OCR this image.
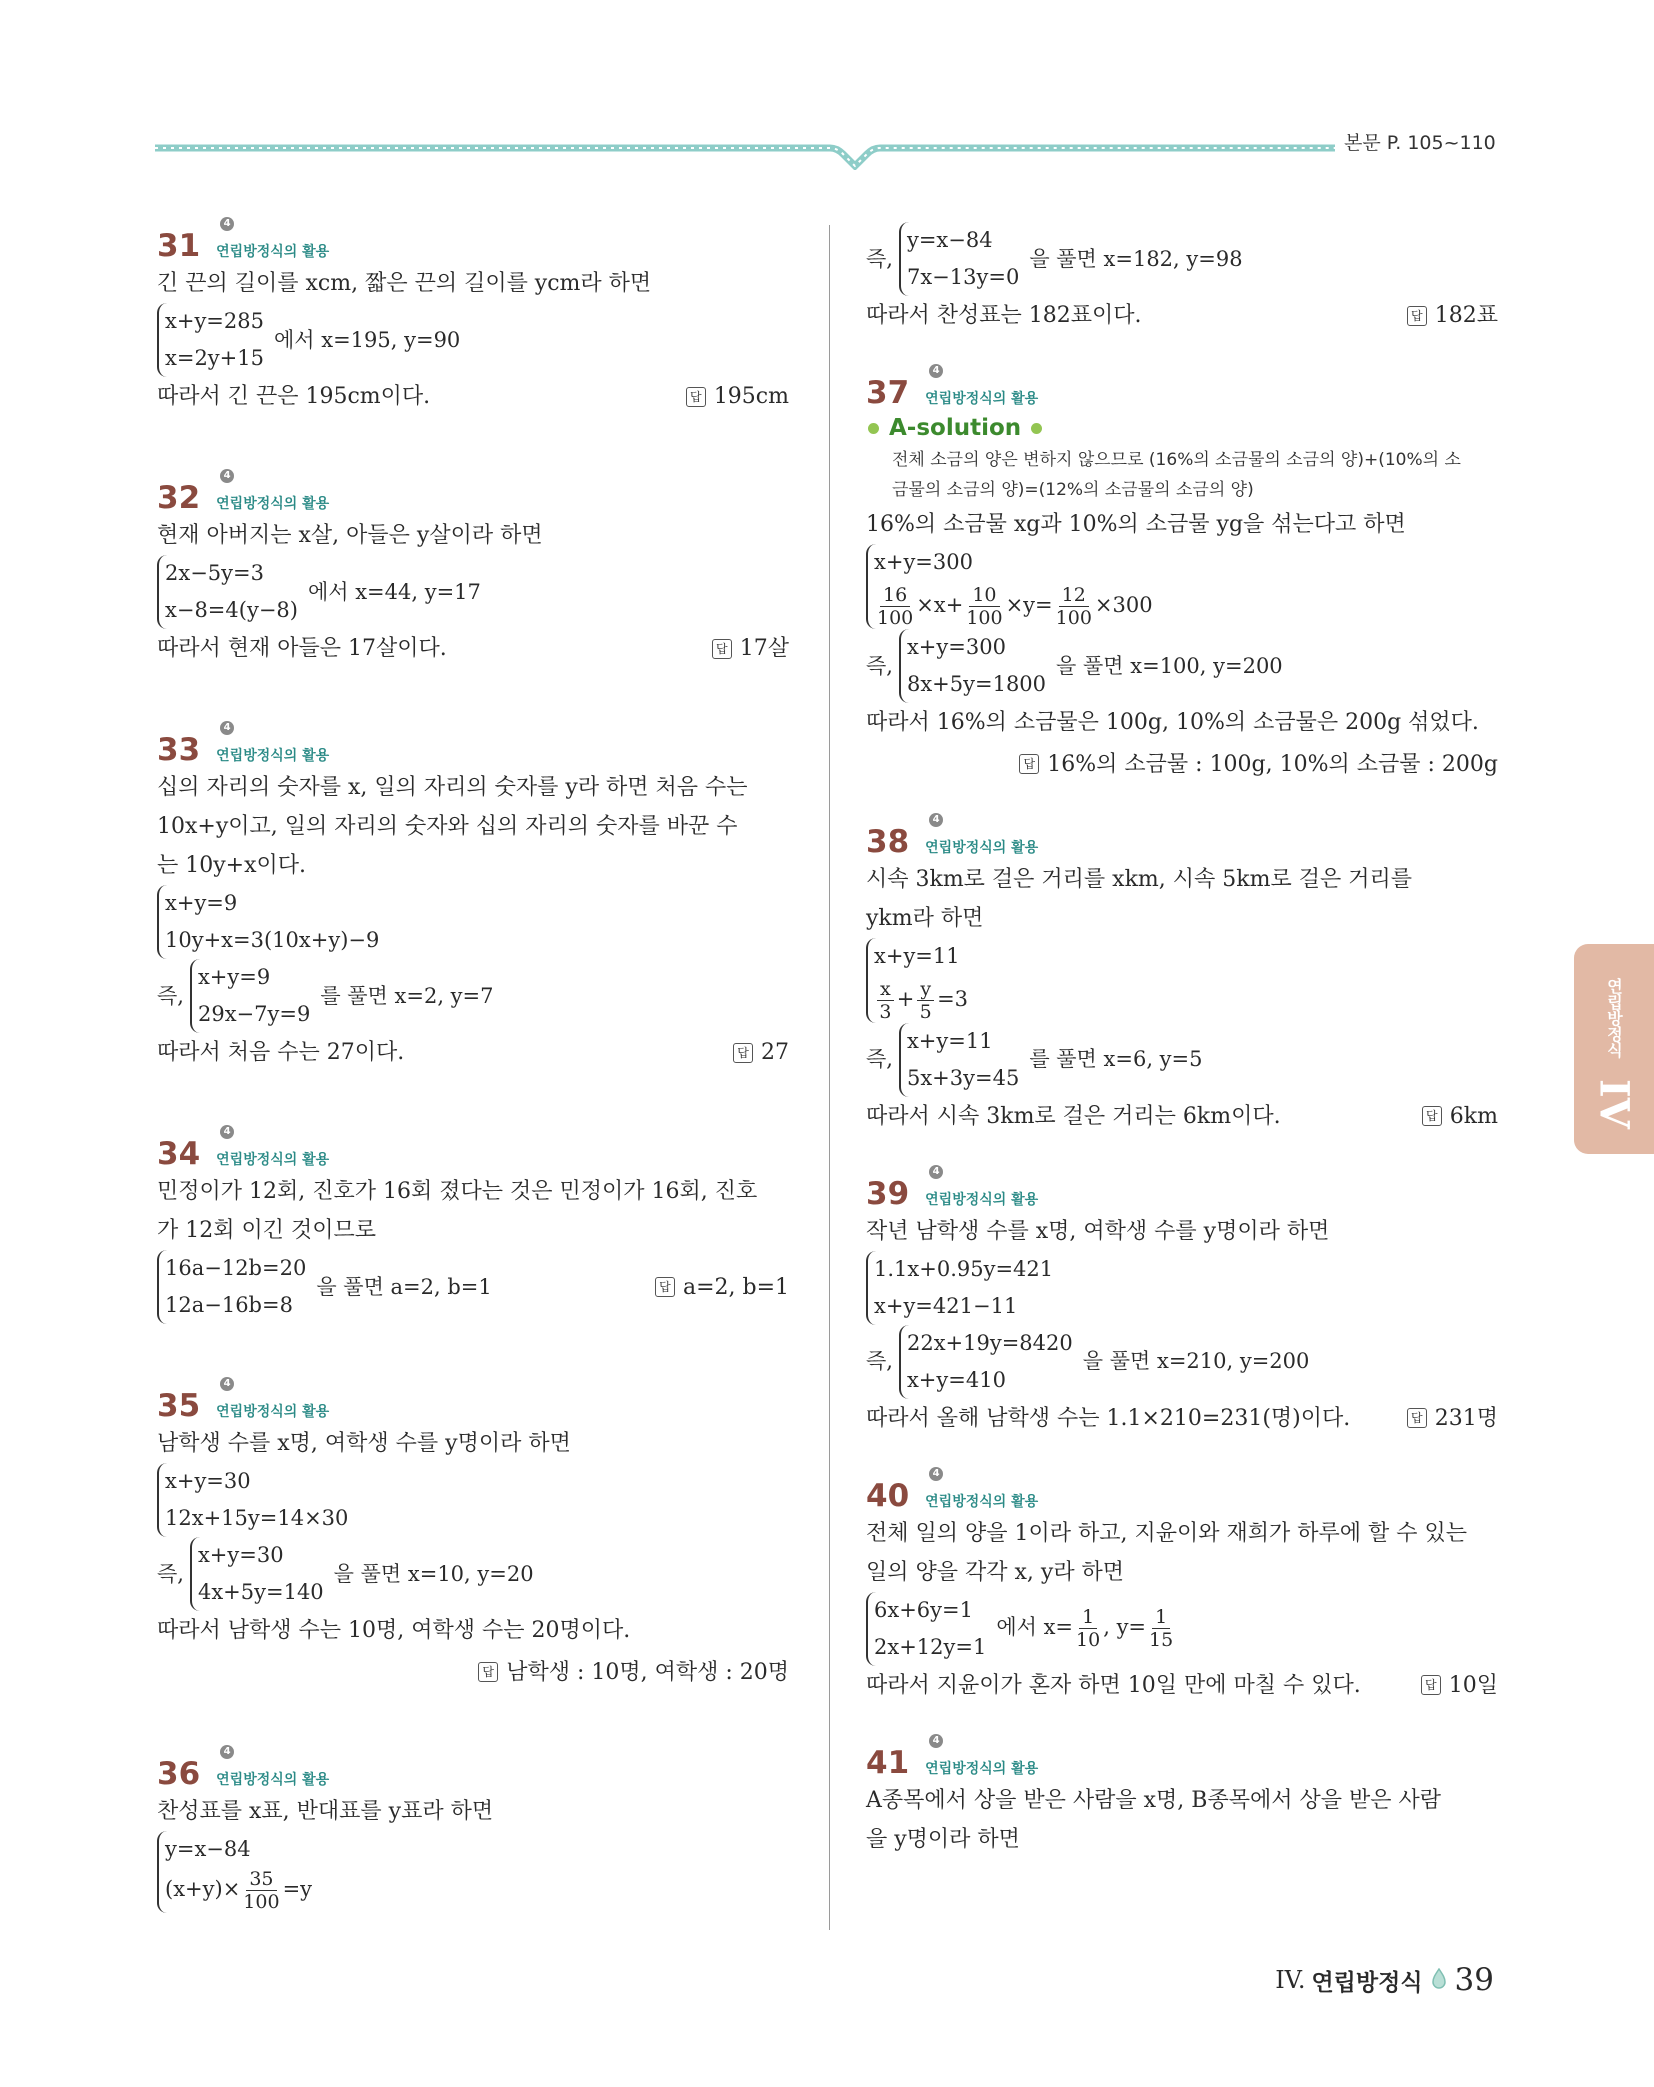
본문 P. 105~110
31
4
연립방정식의 활용
긴 끈의 길이를 xcm, 짧은 끈의 길이를 ycm라 하면
x+y=285
x=2y+15
에서 x=195, y=90
따라서 긴 끈은 195cm이다.	답 195cm
32
4
연립방정식의 활용
현재 아버지는 x살, 아들은 y살이라 하면
2x−5y=3
x−8=4(y−8)
에서 x=44, y=17
따라서 현재 아들은 17살이다.	답 17살
33
4
연립방정식의 활용
십의 자리의 숫자를 x, 일의 자리의 숫자를 y라 하면 처음 수는
10x+y이고, 일의 자리의 숫자와 십의 자리의 숫자를 바꾼 수
는 10y+x이다.
x+y=9
10y+x=3(10x+y)−9
즉,
x+y=9
29x−7y=9
를 풀면 x=2, y=7
따라서 처음 수는 27이다.	답 27
34
4
연립방정식의 활용
민정이가 12회, 진호가 16회 졌다는 것은 민정이가 16회, 진호
가 12회 이긴 것이므로
16a−12b=20
12a−16b=8
을 풀면 a=2, b=1	답 a=2, b=1
35
4
연립방정식의 활용
남학생 수를 x명, 여학생 수를 y명이라 하면
x+y=30
12x+15y=14×30
즉,
x+y=30
4x+5y=140
을 풀면 x=10, y=20
따라서 남학생 수는 10명, 여학생 수는 20명이다.
답 남학생 : 10명, 여학생 : 20명
36
4
연립방정식의 활용
찬성표를 x표, 반대표를 y표라 하면
y=x−84
$(x+y)\times \frac{35}{100} =y$
즉,
y=x−84
7x−13y=0
을 풀면 x=182, y=98
따라서 찬성표는 182표이다.	답 182표
37
4
연립방정식의 활용
A-solution
전체 소금의 양은 변하지 않으므로 (16%의 소금물의 소금의 양)+(10%의 소
금물의 소금의 양)=(12%의 소금물의 소금의 양)
16%의 소금물 xg과 10%의 소금물 yg을 섞는다고 하면
x+y=300
$\frac{16}{100} \times x+ \frac{10}{100} \times y= \frac{12}{100} \times 300$
즉,
x+y=300
8x+5y=1800
을 풀면 x=100, y=200
따라서 16%의 소금물은 100g, 10%의 소금물은 200g 섞었다.
답 16%의 소금물 : 100g, 10%의 소금물 : 200g
38
4
연립방정식의 활용
시속 3km로 걸은 거리를 xkm, 시속 5km로 걸은 거리를
ykm라 하면
x+y=11
$\frac{x}{3} + \frac{y}{5} =3$
즉,
x+y=11
5x+3y=45
를 풀면 x=6, y=5
따라서 시속 3km로 걸은 거리는 6km이다.	답 6km
39
4
연립방정식의 활용
작년 남학생 수를 x명, 여학생 수를 y명이라 하면
1.1x+0.95y=421
x+y=421−11
즉,
22x+19y=8420
x+y=410
을 풀면 x=210, y=200
따라서 올해 남학생 수는 1.1×210=231(명)이다.	답 231명
40
4
연립방정식의 활용
전체 일의 양을 1이라 하고, 지윤이와 재희가 하루에 할 수 있는
일의 양을 각각 x, y라 하면
6x+6y=1
2x+12y=1
에서 $x= \frac{1}{10}$ , $y= \frac{1}{15}$
따라서 지윤이가 혼자 하면 10일 만에 마칠 수 있다.	답 10일
41
4
연립방정식의 활용
A종목에서 상을 받은 사람을 x명, B종목에서 상을 받은 사람
을 y명이라 하면
연립방정식
IV
IV. 연립방정식 39
